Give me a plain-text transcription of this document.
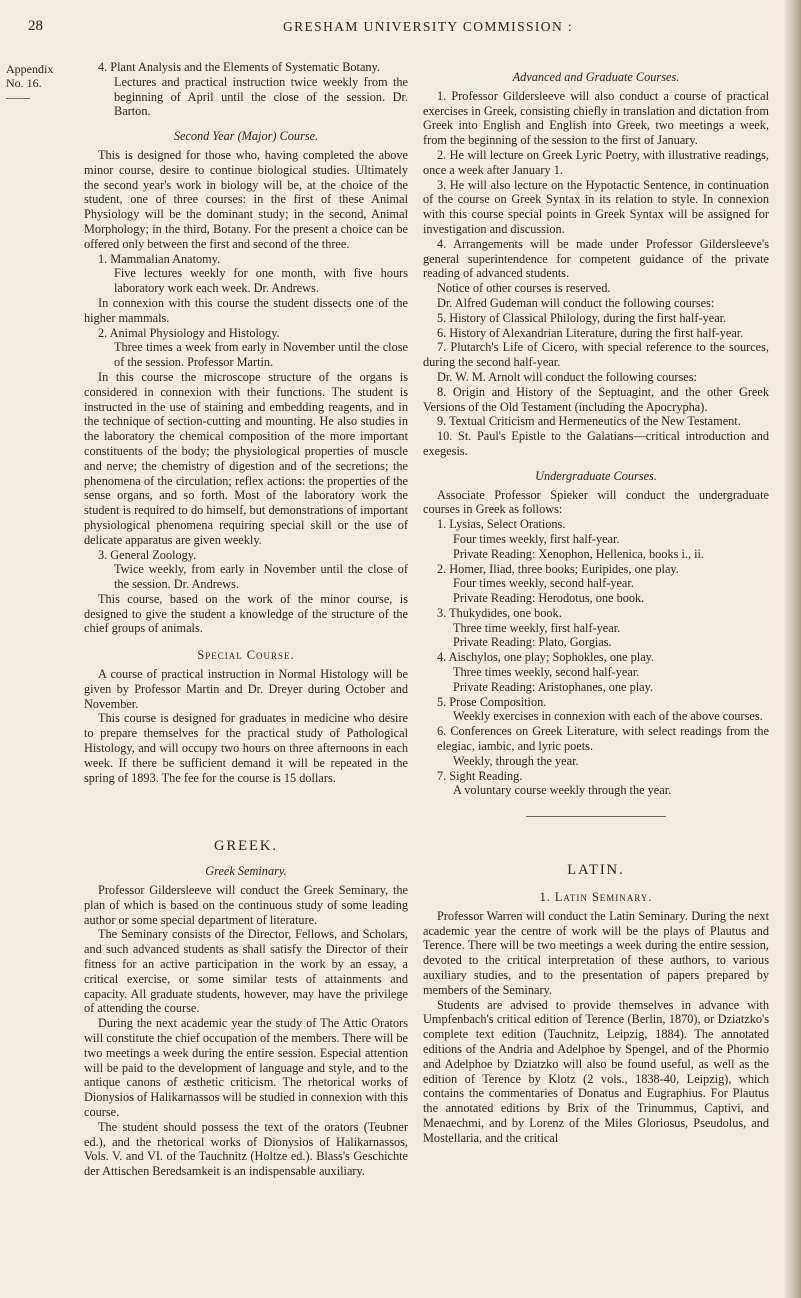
28	GRESHAM UNIVERSITY COMMISSION :
Appendix
No. 16.
——

4. Plant Analysis and the Elements of Systematic Botany.

Lectures and practical instruction twice weekly from the beginning of April until the close of the session. Dr. Barton.

Second Year (Major) Course.

This is designed for those who, having completed the above minor course, desire to continue biological studies. Ultimately the second year's work in biology will be, at the choice of the student, one of three courses: in the first of these Animal Physiology will be the dominant study; in the second, Animal Morphology; in the third, Botany. For the present a choice can be offered only between the first and second of the three.

1. Mammalian Anatomy.

Five lectures weekly for one month, with five hours laboratory work each week. Dr. Andrews.

In connexion with this course the student dissects one of the higher mammals.

2. Animal Physiology and Histology.

Three times a week from early in November until the close of the session. Professor Martin.

In this course the microscope structure of the organs is considered in connexion with their functions. The student is instructed in the use of staining and embedding reagents, and in the technique of section-cutting and mounting. He also studies in the laboratory the chemical composition of the more important constituents of the body; the physiological properties of muscle and nerve; the chemistry of digestion and of the secretions; the phenomena of the circulation; reflex actions: the properties of the sense organs, and so forth. Most of the laboratory work the student is required to do himself, but demonstrations of important physiological phenomena requiring special skill or the use of delicate apparatus are given weekly.

3. General Zoology.

Twice weekly, from early in November until the close of the session. Dr. Andrews.

This course, based on the work of the minor course, is designed to give the student a knowledge of the structure of the chief groups of animals.

Special Course.

A course of practical instruction in Normal Histology will be given by Professor Martin and Dr. Dreyer during October and November.

This course is designed for graduates in medicine who desire to prepare themselves for the practical study of Pathological Histology, and will occupy two hours on three afternoons in each week. If there be sufficient demand it will be repeated in the spring of 1893. The fee for the course is 15 dollars.

GREEK.

Greek Seminary.

Professor Gildersleeve will conduct the Greek Seminary, the plan of which is based on the continuous study of some leading author or some special department of literature.

The Seminary consists of the Director, Fellows, and Scholars, and such advanced students as shall satisfy the Director of their fitness for an active participation in the work by an essay, a critical exercise, or some similar tests of attainments and capacity. All graduate students, however, may have the privilege of attending the course.

During the next academic year the study of The Attic Orators will constitute the chief occupation of the members. There will be two meetings a week during the entire session. Especial attention will be paid to the development of language and style, and to the antique canons of æsthetic criticism. The rhetorical works of Dionysios of Halikarnassos will be studied in connexion with this course.

The student should possess the text of the orators (Teubner ed.), and the rhetorical works of Dionysios of Halikarnassos, Vols. V. and VI. of the Tauchnitz (Holtze ed.). Blass's Geschichte der Attischen Beredsamkeit is an indispensable auxiliary.

Advanced and Graduate Courses.

1. Professor Gildersleeve will also conduct a course of practical exercises in Greek, consisting chiefly in translation and dictation from Greek into English and English into Greek, two meetings a week, from the beginning of the session to the first of January.

2. He will lecture on Greek Lyric Poetry, with illustrative readings, once a week after January 1.

3. He will also lecture on the Hypotactic Sentence, in continuation of the course on Greek Syntax in its relation to style. In connexion with this course special points in Greek Syntax will be assigned for investigation and discussion.

4. Arrangements will be made under Professor Gildersleeve's general superintendence for competent guidance of the private reading of advanced students.

Notice of other courses is reserved.

Dr. Alfred Gudeman will conduct the following courses:

5. History of Classical Philology, during the first half-year.

6. History of Alexandrian Literature, during the first half-year.

7. Plutarch's Life of Cicero, with special reference to the sources, during the second half-year.

Dr. W. M. Arnolt will conduct the following courses:

8. Origin and History of the Septuagint, and the other Greek Versions of the Old Testament (including the Apocrypha).

9. Textual Criticism and Hermeneutics of the New Testament.

10. St. Paul's Epistle to the Galatians—critical introduction and exegesis.

Undergraduate Courses.

Associate Professor Spieker will conduct the undergraduate courses in Greek as follows:

1. Lysias, Select Orations.

Four times weekly, first half-year.

Private Reading: Xenophon, Hellenica, books i., ii.

2. Homer, Iliad, three books; Euripides, one play.

Four times weekly, second half-year.

Private Reading: Herodotus, one book.

3. Thukydides, one book.

Three time weekly, first half-year.

Private Reading: Plato, Gorgias.

4. Aischylos, one play; Sophokles, one play.

Three times weekly, second half-year.

Private Reading: Aristophanes, one play.

5. Prose Composition.

Weekly exercises in connexion with each of the above courses.

6. Conferences on Greek Literature, with select readings from the elegiac, iambic, and lyric poets.

Weekly, through the year.

7. Sight Reading.

A voluntary course weekly through the year.

LATIN.

1. Latin Seminary.

Professor Warren will conduct the Latin Seminary. During the next academic year the centre of work will be the plays of Plautus and Terence. There will be two meetings a week during the entire session, devoted to the critical interpretation of these authors, to various auxiliary studies, and to the presentation of papers prepared by members of the Seminary.

Students are advised to provide themselves in advance with Umpfenbach's critical edition of Terence (Berlin, 1870), or Dziatzko's complete text edition (Tauchnitz, Leipzig, 1884). The annotated editions of the Andria and Adelphoe by Spengel, and of the Phormio and Adelphoe by Dziatzko will also be found useful, as well as the edition of Terence by Klotz (2 vols., 1838-40, Leipzig), which contains the commentaries of Donatus and Eugraphius. For Plautus the annotated editions by Brix of the Trinummus, Captivi, and Menaechmi, and by Lorenz of the Miles Gloriosus, Pseudolus, and Mostellaria, and the critical
